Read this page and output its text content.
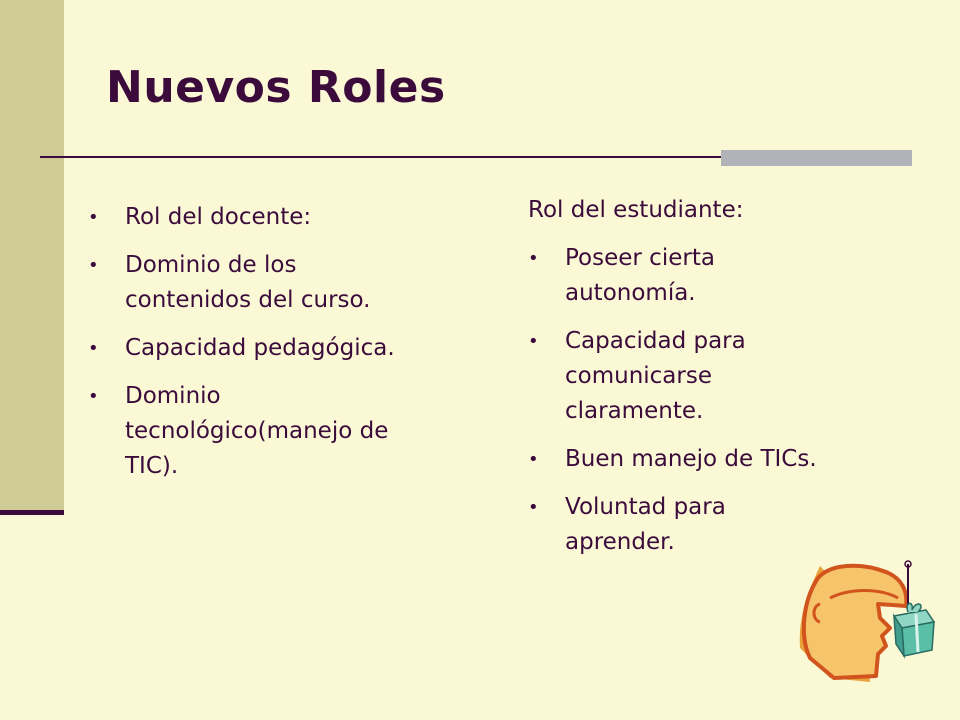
Nuevos Roles
• Rol del docente:
• Dominio de los contenidos del curso.
• Capacidad pedagógica.
• Dominio tecnológico(manejo de TIC).
Rol del estudiante:
• Poseer cierta autonomía.
• Capacidad para comunicarse claramente.
• Buen manejo de TICs.
• Voluntad para aprender.
